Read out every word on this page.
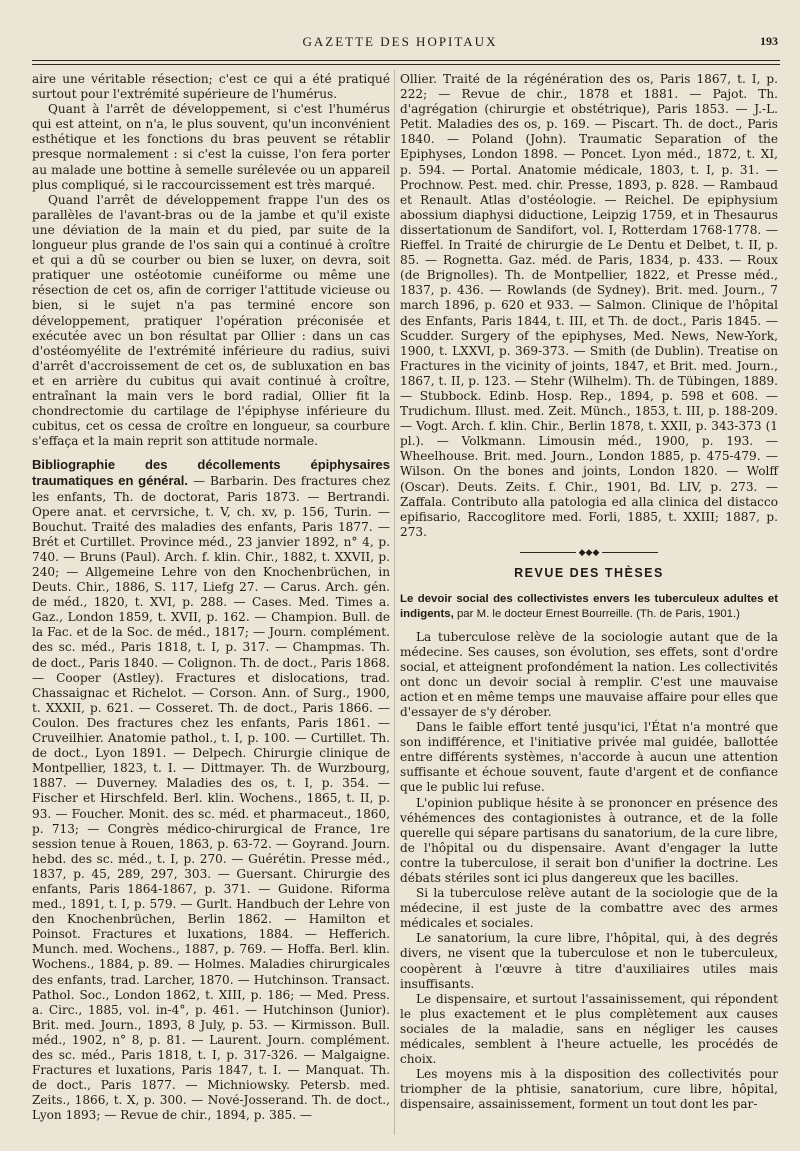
GAZETTE DES HOPITAUX	193

aire une véritable résection; c'est ce qui a été pratiqué surtout pour l'extrémité supérieure de l'humérus.

Quant à l'arrêt de développement, si c'est l'humérus qui est atteint, on n'a, le plus souvent, qu'un inconvénient esthétique et les fonctions du bras peuvent se rétablir presque normalement : si c'est la cuisse, l'on fera porter au malade une bottine à semelle surélevée ou un appareil plus compliqué, si le raccourcissement est très marqué.

Quand l'arrêt de développement frappe l'un des os parallèles de l'avant-bras ou de la jambe et qu'il existe une déviation de la main et du pied, par suite de la longueur plus grande de l'os sain qui a continué à croître et qui a dû se courber ou bien se luxer, on devra, soit pratiquer une ostéotomie cunéiforme ou même une résection de cet os, afin de corriger l'attitude vicieuse ou bien, si le sujet n'a pas terminé encore son développement, pratiquer l'opération préconisée et exécutée avec un bon résultat par Ollier : dans un cas d'ostéomyélite de l'extrémité inférieure du radius, suivi d'arrêt d'accroissement de cet os, de subluxation en bas et en arrière du cubitus qui avait continué à croître, entraînant la main vers le bord radial, Ollier fit la chondrectomie du cartilage de l'épiphyse inférieure du cubitus, cet os cessa de croître en longueur, sa courbure s'effaça et la main reprit son attitude normale.

Bibliographie des décollements épiphysaires traumatiques en général. — Barbarin. Des fractures chez les enfants, Th. de doctorat, Paris 1873. — Bertrandi. Opere anat. et cervrsiche, t. V, ch. xv, p. 156, Turin. — Bouchut. Traité des maladies des enfants, Paris 1877. — Brét et Curtillet. Province méd., 23 janvier 1892, n° 4, p. 740. — Bruns (Paul). Arch. f. klin. Chir., 1882, t. XXVII, p. 240; — Allgemeine Lehre von den Knochenbrüchen, in Deuts. Chir., 1886, S. 117, Liefg 27. — Carus. Arch. gén. de méd., 1820, t. XVI, p. 288. — Cases. Med. Times a. Gaz., London 1859, t. XVII, p. 162. — Champion. Bull. de la Fac. et de la Soc. de méd., 1817; — Journ. complément. des sc. méd., Paris 1818, t. I, p. 317. — Champmas. Th. de doct., Paris 1840. — Colignon. Th. de doct., Paris 1868. — Cooper (Astley). Fractures et dislocations, trad. Chassaignac et Richelot. — Corson. Ann. of Surg., 1900, t. XXXII, p. 621. — Cosseret. Th. de doct., Paris 1866. — Coulon. Des fractures chez les enfants, Paris 1861. — Cruveilhier. Anatomie pathol., t. I, p. 100. — Curtillet. Th. de doct., Lyon 1891. — Delpech. Chirurgie clinique de Montpellier, 1823, t. I. — Dittmayer. Th. de Wurzbourg, 1887. — Duverney. Maladies des os, t. I, p. 354. — Fischer et Hirschfeld. Berl. klin. Wochens., 1865, t. II, p. 93. — Foucher. Monit. des sc. méd. et pharmaceut., 1860, p. 713; — Congrès médico-chirurgical de France, 1re session tenue à Rouen, 1863, p. 63-72. — Goyrand. Journ. hebd. des sc. méd., t. I, p. 270. — Guérétin. Presse méd., 1837, p. 45, 289, 297, 303. — Guersant. Chirurgie des enfants, Paris 1864-1867, p. 371. — Guidone. Riforma med., 1891, t. I, p. 579. — Gurlt. Handbuch der Lehre von den Knochenbrüchen, Berlin 1862. — Hamilton et Poinsot. Fractures et luxations, 1884. — Hefferich. Munch. med. Wochens., 1887, p. 769. — Hoffa. Berl. klin. Wochens., 1884, p. 89. — Holmes. Maladies chirurgicales des enfants, trad. Larcher, 1870. — Hutchinson. Transact. Pathol. Soc., London 1862, t. XIII, p. 186; — Med. Press. a. Circ., 1885, vol. in-4°, p. 461. — Hutchinson (Junior). Brit. med. Journ., 1893, 8 July, p. 53. — Kirmisson. Bull. méd., 1902, n° 8, p. 81. — Laurent. Journ. complément. des sc. méd., Paris 1818, t. I, p. 317-326. — Malgaigne. Fractures et luxations, Paris 1847, t. I. — Manquat. Th. de doct., Paris 1877. — Michniowsky. Petersb. med. Zeits., 1866, t. X, p. 300. — Nové-Josserand. Th. de doct., Lyon 1893; — Revue de chir., 1894, p. 385. —

Ollier. Traité de la régénération des os, Paris 1867, t. I, p. 222; — Revue de chir., 1878 et 1881. — Pajot. Th. d'agrégation (chirurgie et obstétrique), Paris 1853. — J.-L. Petit. Maladies des os, p. 169. — Piscart. Th. de doct., Paris 1840. — Poland (John). Traumatic Separation of the Epiphyses, London 1898. — Poncet. Lyon méd., 1872, t. XI, p. 594. — Portal. Anatomie médicale, 1803, t. I, p. 31. — Prochnow. Pest. med. chir. Presse, 1893, p. 828. — Rambaud et Renault. Atlas d'ostéologie. — Reichel. De epiphysium abossium diaphysi diductione, Leipzig 1759, et in Thesaurus dissertationum de Sandifort, vol. I, Rotterdam 1768-1778. — Rieffel. In Traité de chirurgie de Le Dentu et Delbet, t. II, p. 85. — Rognetta. Gaz. méd. de Paris, 1834, p. 433. — Roux (de Brignolles). Th. de Montpellier, 1822, et Presse méd., 1837, p. 436. — Rowlands (de Sydney). Brit. med. Journ., 7 march 1896, p. 620 et 933. — Salmon. Clinique de l'hôpital des Enfants, Paris 1844, t. III, et Th. de doct., Paris 1845. — Scudder. Surgery of the epiphyses, Med. News, New-York, 1900, t. LXXVI, p. 369-373. — Smith (de Dublin). Treatise on Fractures in the vicinity of joints, 1847, et Brit. med. Journ., 1867, t. II, p. 123. — Stehr (Wilhelm). Th. de Tübingen, 1889. — Stubbock. Edinb. Hosp. Rep., 1894, p. 598 et 608. — Trudichum. Illust. med. Zeit. Münch., 1853, t. III, p. 188-209. — Vogt. Arch. f. klin. Chir., Berlin 1878, t. XXII, p. 343-373 (1 pl.). — Volkmann. Limousin méd., 1900, p. 193. — Wheelhouse. Brit. med. Journ., London 1885, p. 475-479. — Wilson. On the bones and joints, London 1820. — Wolff (Oscar). Deuts. Zeits. f. Chir., 1901, Bd. LIV, p. 273. — Zaffala. Contributo alla patologia ed alla clinica del distacco epifisario, Raccoglitore med. Forli, 1885, t. XXIII; 1887, p. 273.

◆◆◆
REVUE DES THÈSES

Le devoir social des collectivistes envers les tuberculeux adultes et indigents, par M. le docteur Ernest Bourreille. (Th. de Paris, 1901.)

La tuberculose relève de la sociologie autant que de la médecine. Ses causes, son évolution, ses effets, sont d'ordre social, et atteignent profondément la nation. Les collectivités ont donc un devoir social à remplir. C'est une mauvaise action et en même temps une mauvaise affaire pour elles que d'essayer de s'y dérober.

Dans le faible effort tenté jusqu'ici, l'État n'a montré que son indifférence, et l'initiative privée mal guidée, ballottée entre différents systèmes, n'accorde à aucun une attention suffisante et échoue souvent, faute d'argent et de confiance que le public lui refuse.

L'opinion publique hésite à se prononcer en présence des véhémences des contagionistes à outrance, et de la folle querelle qui sépare partisans du sanatorium, de la cure libre, de l'hôpital ou du dispensaire. Avant d'engager la lutte contre la tuberculose, il serait bon d'unifier la doctrine. Les débats stériles sont ici plus dangereux que les bacilles.

Si la tuberculose relève autant de la sociologie que de la médecine, il est juste de la combattre avec des armes médicales et sociales.

Le sanatorium, la cure libre, l'hôpital, qui, à des degrés divers, ne visent que la tuberculose et non le tuberculeux, coopèrent à l'œuvre à titre d'auxiliaires utiles mais insuffisants.

Le dispensaire, et surtout l'assainissement, qui répondent le plus exactement et le plus complètement aux causes sociales de la maladie, sans en négliger les causes médicales, semblent à l'heure actuelle, les procédés de choix.

Les moyens mis à la disposition des collectivités pour triompher de la phtisie, sanatorium, cure libre, hôpital, dispensaire, assainissement, forment un tout dont les par-
